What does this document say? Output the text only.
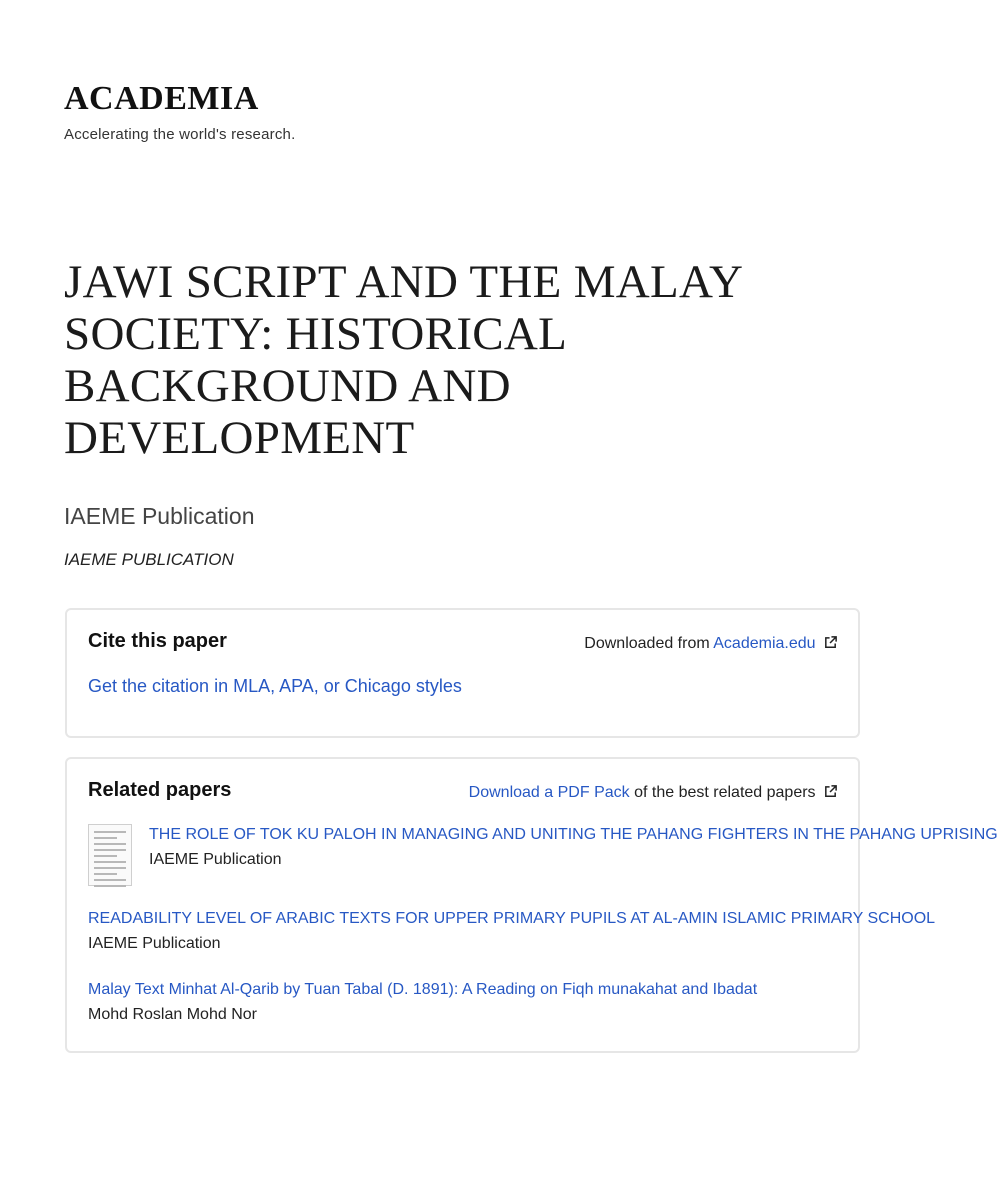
ACADEMIA
Accelerating the world's research.
JAWI SCRIPT AND THE MALAY SOCIETY: HISTORICAL BACKGROUND AND DEVELOPMENT
IAEME Publication
IAEME PUBLICATION
Cite this paper	Downloaded from Academia.edu
Get the citation in MLA, APA, or Chicago styles
Related papers	Download a PDF Pack of the best related papers
THE ROLE OF TOK KU PALOH IN MANAGING AND UNITING THE PAHANG FIGHTERS IN THE PAHANG UPRISING
IAEME Publication
READABILITY LEVEL OF ARABIC TEXTS FOR UPPER PRIMARY PUPILS AT AL-AMIN ISLAMIC PRIMARY SCHOOL
IAEME Publication
Malay Text Minhat Al-Qarib by Tuan Tabal (D. 1891): A Reading on Fiqh munakahat and Ibadat
Mohd Roslan Mohd Nor
